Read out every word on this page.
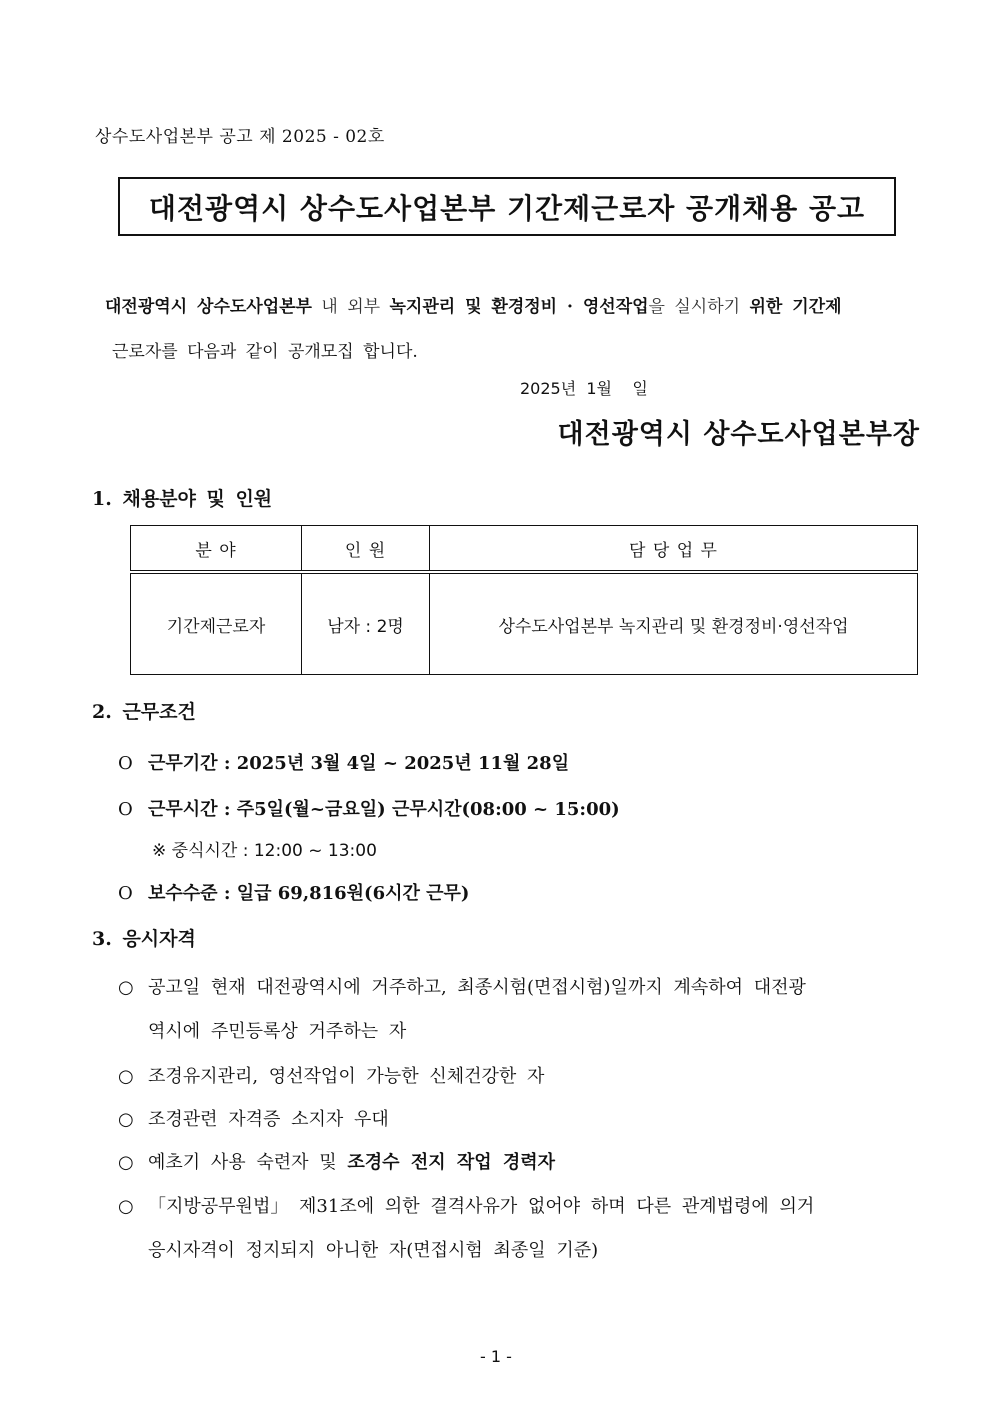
상수도사업본부 공고 제 2025 - 02호
대전광역시 상수도사업본부 기간제근로자 공개채용 공고
대전광역시 상수도사업본부 내 외부 녹지관리 및 환경정비 · 영선작업을 실시하기 위한 기간제
근로자를 다음과 같이 공개모집 합니다.
2025년  1월    일
대전광역시 상수도사업본부장
1. 채용분야 및 인원
분 야	인 원	담 당 업 무
기간제근로자	남자 : 2명	상수도사업본부 녹지관리 및 환경정비·영선작업
2. 근무조건
O 근무기간 : 2025년 3월 4일 ~ 2025년 11월 28일
O 근무시간 : 주5일(월~금요일) 근무시간(08:00 ~ 15:00)
※ 중식시간 : 12:00 ~ 13:00
O 보수수준 : 일급 69,816원(6시간 근무)
3. 응시자격
○ 공고일 현재 대전광역시에 거주하고, 최종시험(면접시험)일까지 계속하여 대전광
역시에 주민등록상 거주하는 자
○ 조경유지관리, 영선작업이 가능한 신체건강한 자
○ 조경관련 자격증 소지자 우대
○ 예초기 사용 숙련자 및 조경수 전지 작업 경력자
○ 「지방공무원법」 제31조에 의한 결격사유가 없어야 하며 다른 관계법령에 의거
응시자격이 정지되지 아니한 자(면접시험 최종일 기준)
- 1 -
